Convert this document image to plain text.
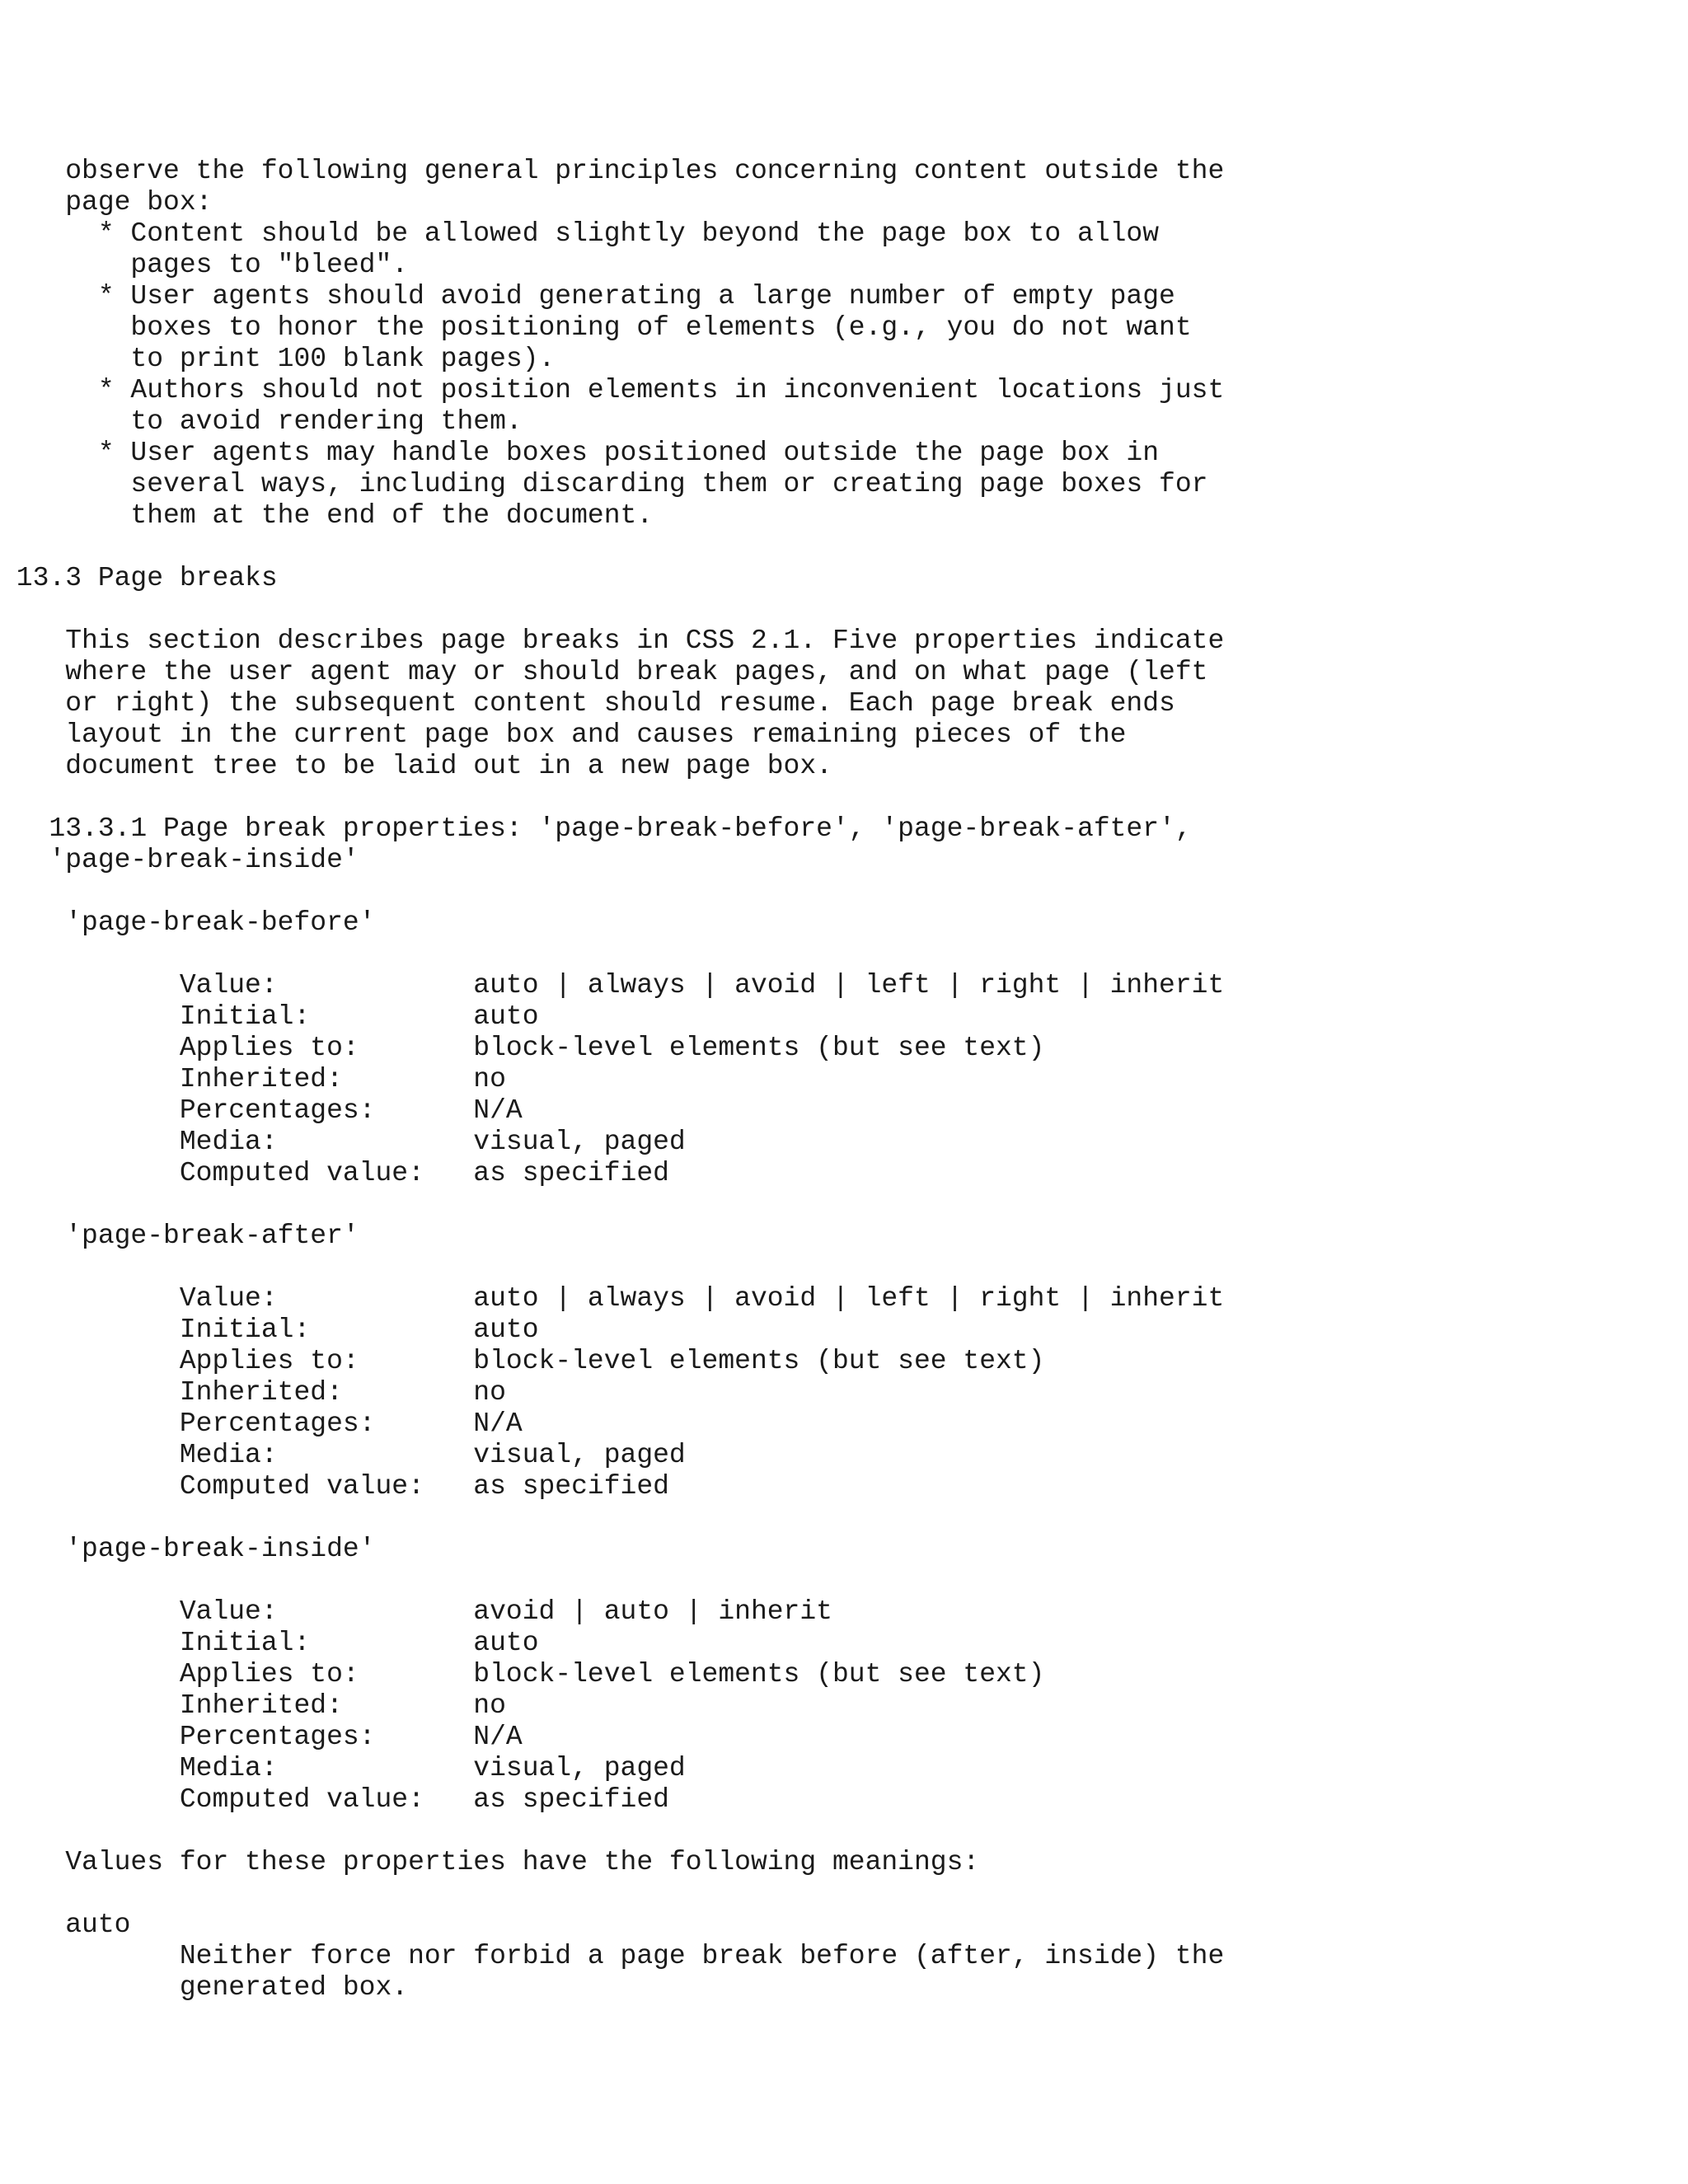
observe the following general principles concerning content outside the
page box:
* Content should be allowed slightly beyond the page box to allow
pages to "bleed".
* User agents should avoid generating a large number of empty page
boxes to honor the positioning of elements (e.g., you do not want
to print 100 blank pages).
* Authors should not position elements in inconvenient locations just
to avoid rendering them.
* User agents may handle boxes positioned outside the page box in
several ways, including discarding them or creating page boxes for
them at the end of the document.
13.3 Page breaks
This section describes page breaks in CSS 2.1. Five properties indicate
where the user agent may or should break pages, and on what page (left
or right) the subsequent content should resume. Each page break ends
layout in the current page box and causes remaining pieces of the
document tree to be laid out in a new page box.
13.3.1 Page break properties: 'page-break-before', 'page-break-after',
'page-break-inside'
'page-break-before'
Value:            auto | always | avoid | left | right | inherit
Initial:          auto
Applies to:       block-level elements (but see text)
Inherited:        no
Percentages:      N/A
Media:            visual, paged
Computed value:   as specified
'page-break-after'
Value:            auto | always | avoid | left | right | inherit
Initial:          auto
Applies to:       block-level elements (but see text)
Inherited:        no
Percentages:      N/A
Media:            visual, paged
Computed value:   as specified
'page-break-inside'
Value:            avoid | auto | inherit
Initial:          auto
Applies to:       block-level elements (but see text)
Inherited:        no
Percentages:      N/A
Media:            visual, paged
Computed value:   as specified
Values for these properties have the following meanings:
auto
Neither force nor forbid a page break before (after, inside) the
generated box.
